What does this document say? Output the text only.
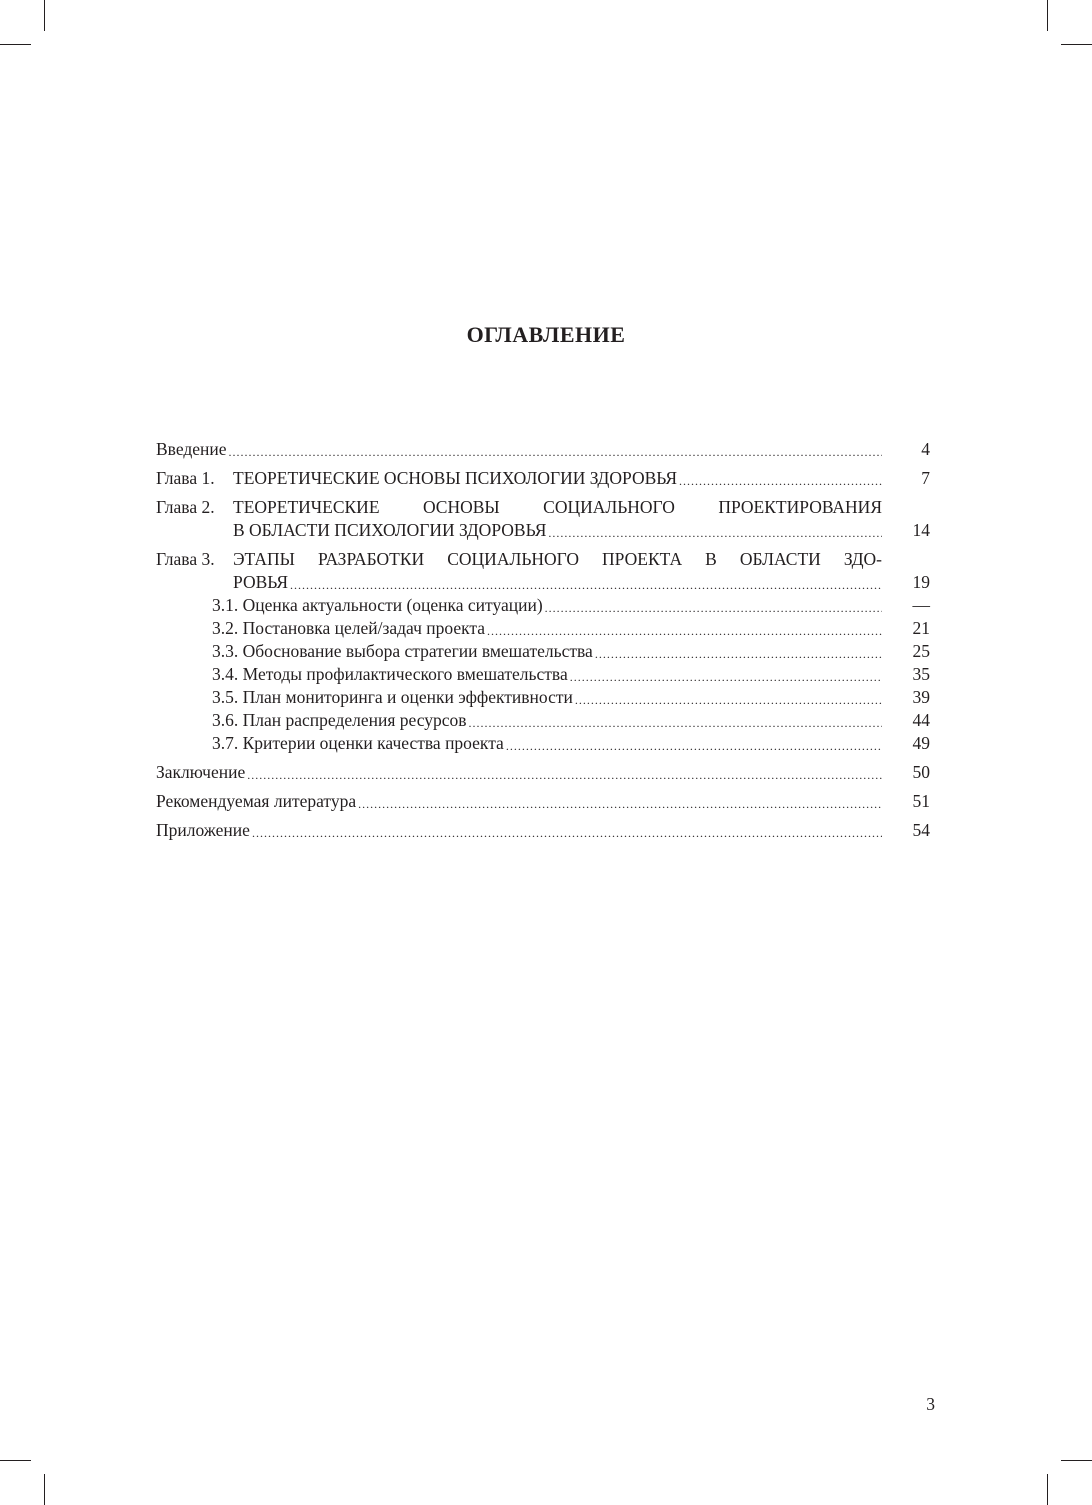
ОГЛАВЛЕНИЕ
Введение .....	4
Глава 1.	ТЕОРЕТИЧЕСКИЕ ОСНОВЫ ПСИХОЛОГИИ ЗДОРОВЬЯ .....	7
Глава 2.	ТЕОРЕТИЧЕСКИЕ ОСНОВЫ СОЦИАЛЬНОГО ПРОЕКТИРОВАНИЯ
В ОБЛАСТИ ПСИХОЛОГИИ ЗДОРОВЬЯ .....	14
Глава 3.	ЭТАПЫ РАЗРАБОТКИ СОЦИАЛЬНОГО ПРОЕКТА В ОБЛАСТИ ЗДО-
РОВЬЯ .....	19
3.1. Оценка актуальности (оценка ситуации) .....	—
3.2. Постановка целей/задач проекта .....	21
3.3. Обоснование выбора стратегии вмешательства .....	25
3.4. Методы профилактического вмешательства .....	35
3.5. План мониторинга и оценки эффективности .....	39
3.6. План распределения ресурсов .....	44
3.7. Критерии оценки качества проекта .....	49
Заключение .....	50
Рекомендуемая литература .....	51
Приложение .....	54
3
